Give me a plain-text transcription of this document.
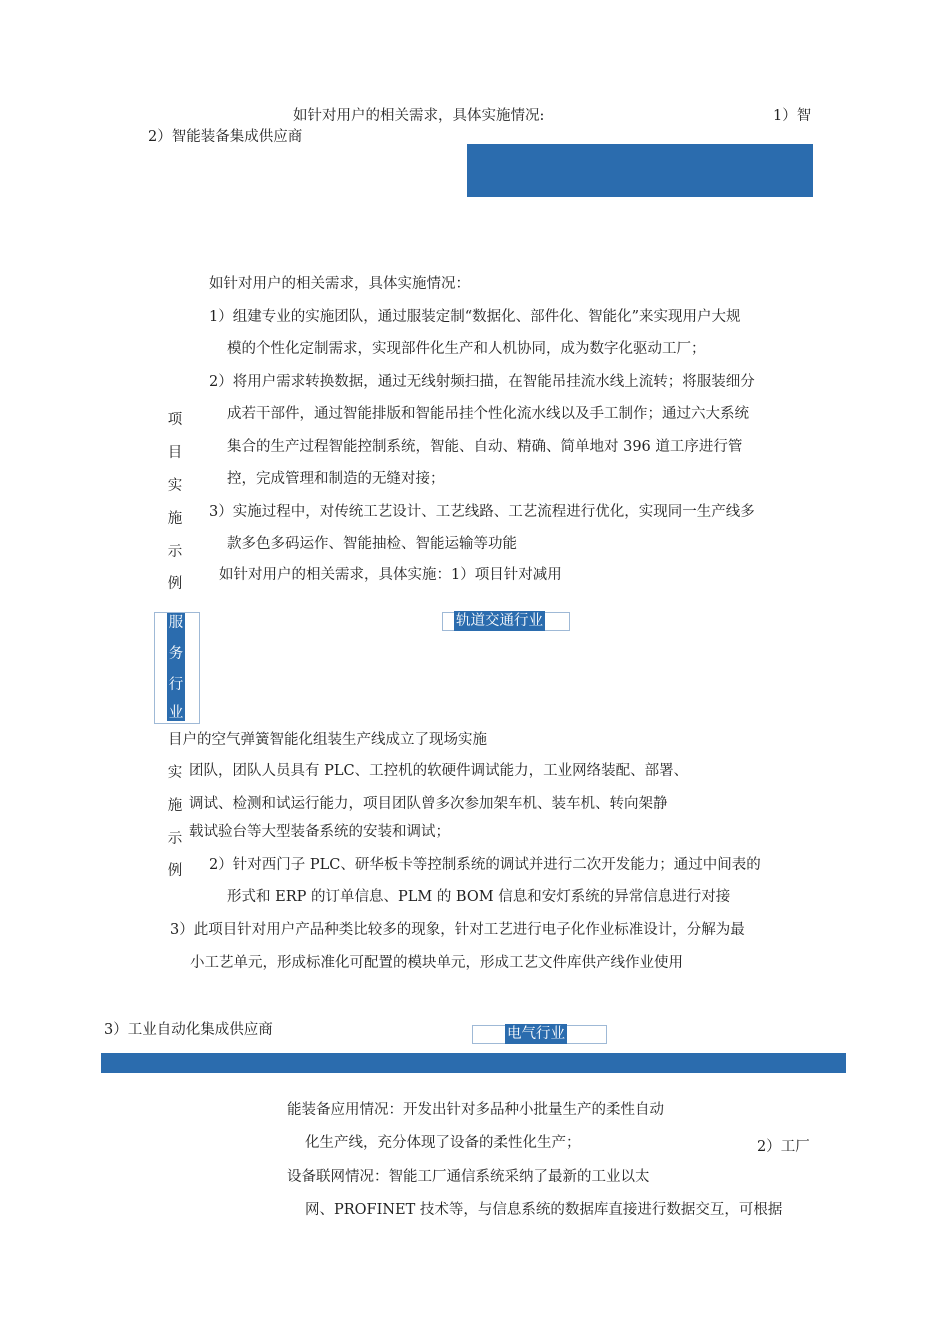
如针对用户的相关需求，具体实施情况:	1）智
2）智能装备集成供应商
如针对用户的相关需求，具体实施情况：
1）组建专业的实施团队，通过服装定制“数据化、部件化、智能化”来实现用户大规
模的个性化定制需求，实现部件化生产和人机协同，成为数字化驱动工厂；
2）将用户需求转换数据，通过无线射频扫描，在智能吊挂流水线上流转；将服装细分
成若干部件，通过智能排版和智能吊挂个性化流水线以及手工制作；通过六大系统
集合的生产过程智能控制系统，智能、自动、精确、简单地对 396 道工序进行管
控，完成管理和制造的无缝对接；
3）实施过程中，对传统工艺设计、工艺线路、工艺流程进行优化，实现同一生产线多
款多色多码运作、智能抽检、智能运输等功能
如针对用户的相关需求，具体实施：1）项目针对减用
项
目
实
施
示
例
服
务
行
业
轨道交通行业
目户的空气弹簧智能化组装生产线成立了现场实施
团队，团队人员具有 PLC、工控机的软硬件调试能力，工业网络装配、部署、
调试、检测和试运行能力，项目团队曾多次参加架车机、装车机、转向架静
载试验台等大型装备系统的安装和调试；
2）针对西门子 PLC、研华板卡等控制系统的调试并进行二次开发能力；通过中间表的
形式和 ERP 的订单信息、PLM 的 BOM 信息和安灯系统的异常信息进行对接
3）此项目针对用户产品种类比较多的现象，针对工艺进行电子化作业标准设计，分解为最
小工艺单元，形成标准化可配置的模块单元，形成工艺文件库供产线作业使用
实
施
示
例
3）工业自动化集成供应商	电气行业
能装备应用情况：开发出针对多品种小批量生产的柔性自动
化生产线，充分体现了设备的柔性化生产；	2）工厂
设备联网情况：智能工厂通信系统采纳了最新的工业以太
网、PROFINET 技术等，与信息系统的数据库直接进行数据交互，可根据
